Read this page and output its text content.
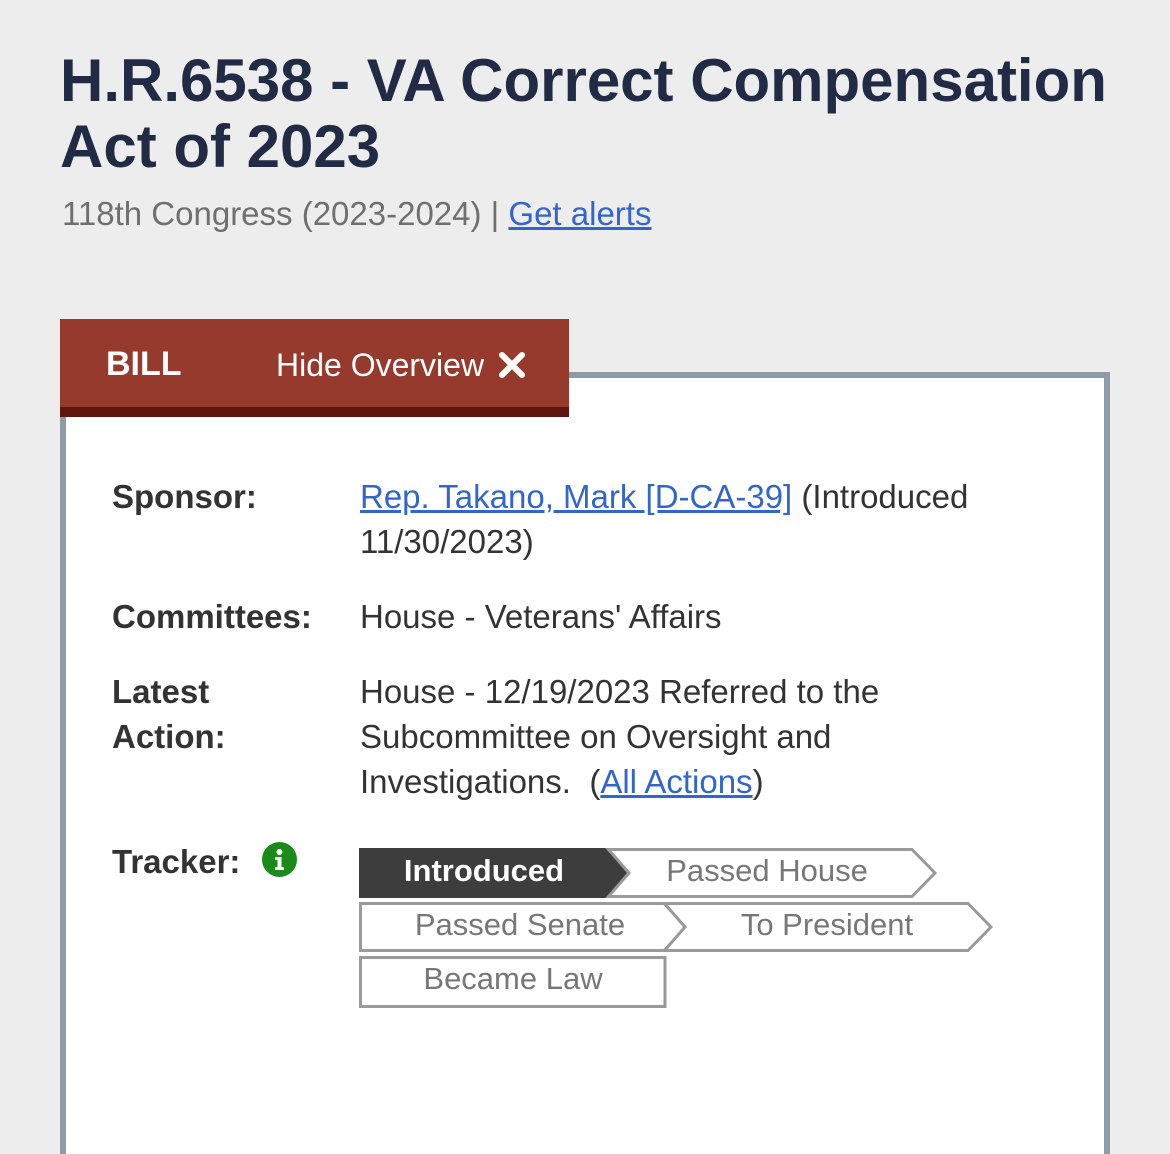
H.R.6538 - VA Correct Compensation Act of 2023
118th Congress (2023-2024) | Get alerts
BILL	Hide Overview
Sponsor:	Rep. Takano, Mark [D-CA-39] (Introduced
11/30/2023)
Committees: House - Veterans' Affairs
Latest
Action:
House - 12/19/2023 Referred to the
Subcommittee on Oversight and
Investigations. (All Actions)
Tracker:	Introduced	Passed House
Passed Senate	To President
Became Law
